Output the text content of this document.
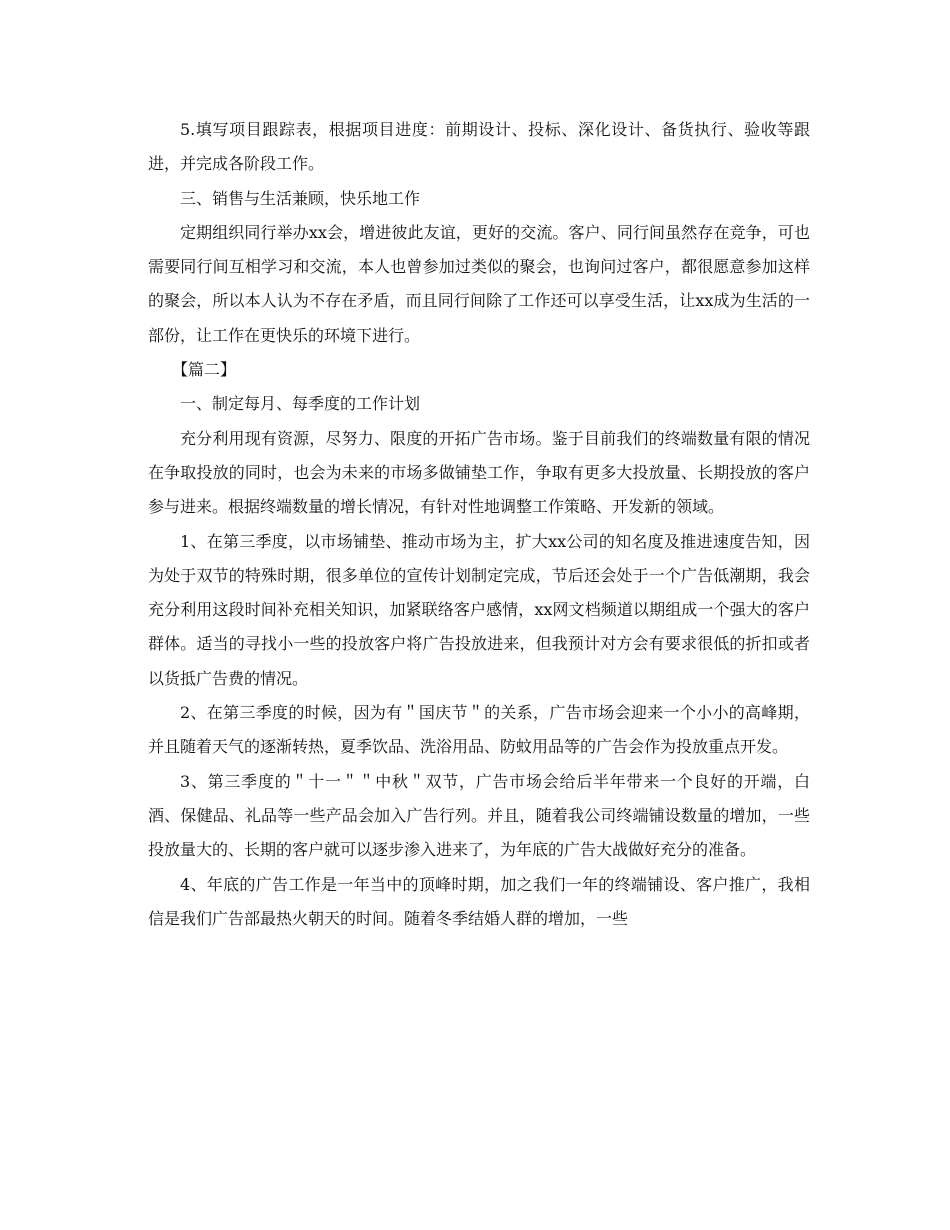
5.填写项目跟踪表，根据项目进度：前期设计、投标、深化设计、备货执行、验收等跟进，并完成各阶段工作。

三、销售与生活兼顾，快乐地工作

定期组织同行举办xx会，增进彼此友谊，更好的交流。客户、同行间虽然存在竞争，可也需要同行间互相学习和交流，本人也曾参加过类似的聚会，也询问过客户，都很愿意参加这样的聚会，所以本人认为不存在矛盾，而且同行间除了工作还可以享受生活，让xx成为生活的一部份，让工作在更快乐的环境下进行。

【篇二】

一、制定每月、每季度的工作计划

充分利用现有资源，尽努力、限度的开拓广告市场。鉴于目前我们的终端数量有限的情况在争取投放的同时，也会为未来的市场多做铺垫工作，争取有更多大投放量、长期投放的客户参与进来。根据终端数量的增长情况，有针对性地调整工作策略、开发新的领域。

1、在第三季度，以市场铺垫、推动市场为主，扩大xx公司的知名度及推进速度告知，因为处于双节的特殊时期，很多单位的宣传计划制定完成，节后还会处于一个广告低潮期，我会充分利用这段时间补充相关知识，加紧联络客户感情，xx网文档频道以期组成一个强大的客户群体。适当的寻找小一些的投放客户将广告投放进来，但我预计对方会有要求很低的折扣或者以货抵广告费的情况。

2、在第三季度的时候，因为有＂国庆节＂的关系，广告市场会迎来一个小小的高峰期，并且随着天气的逐渐转热，夏季饮品、洗浴用品、防蚊用品等的广告会作为投放重点开发。

3、第三季度的＂十一＂＂中秋＂双节，广告市场会给后半年带来一个良好的开端，白酒、保健品、礼品等一些产品会加入广告行列。并且，随着我公司终端铺设数量的增加，一些投放量大的、长期的客户就可以逐步渗入进来了，为年底的广告大战做好充分的准备。

4、年底的广告工作是一年当中的顶峰时期，加之我们一年的终端铺设、客户推广，我相信是我们广告部最热火朝天的时间。随着冬季结婚人群的增加，一些
